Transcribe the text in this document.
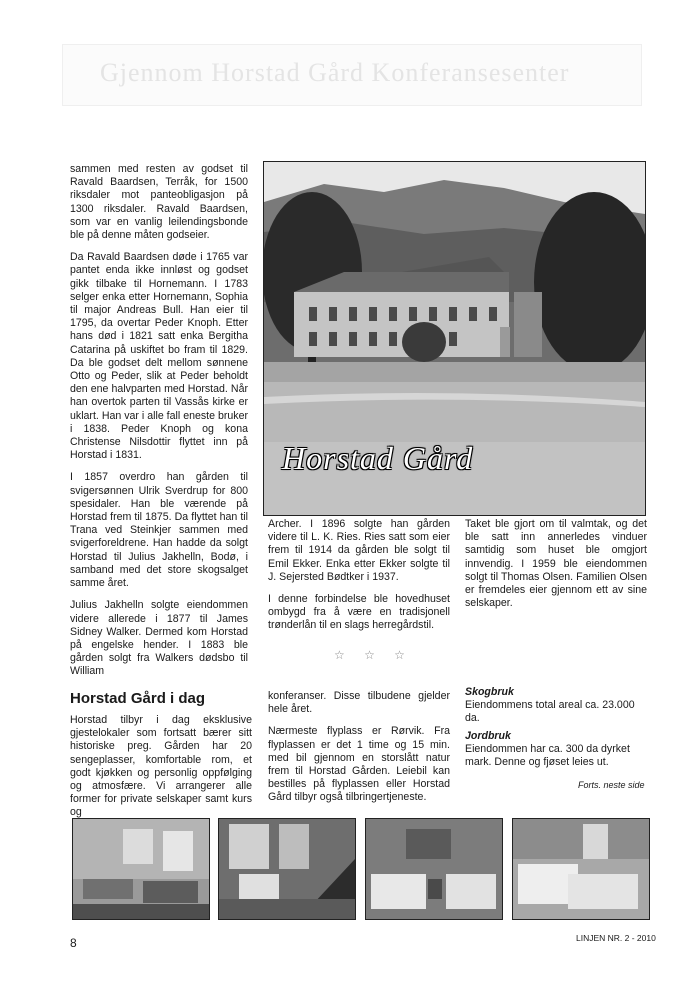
Gjennom Horstad Gård Konferansesenter

sammen med resten av godset til Ravald Baardsen, Terråk, for 1500 riksdaler mot panteobligasjon på 1300 riksdaler. Ravald Baardsen, som var en vanlig leilendingsbonde ble på denne måten godseier.

Da Ravald Baardsen døde i 1765 var pantet enda ikke innløst og godset gikk tilbake til Hornemann. I 1783 selger enka etter Hornemann, Sophia til major Andreas Bull. Han eier til 1795, da overtar Peder Knoph. Etter hans død i 1821 satt enka Bergitha Catarina på uskiftet bo fram til 1829. Da ble godset delt mellom sønnene Otto og Peder, slik at Peder beholdt den ene halvparten med Horstad. Når han overtok parten til Vassås kirke er uklart. Han var i alle fall eneste bruker i 1838. Peder Knoph og kona Christense Nilsdottir flyttet inn på Horstad i 1831.

I 1857 overdro han gården til svigersønnen Ulrik Sverdrup for 800 spesidaler. Han ble værende på Horstad frem til 1875. Da flyttet han til Trana ved Steinkjer sammen med svigerforeldrene. Han hadde da solgt Horstad til Julius Jakhelln, Bodø, i samband med det store skogsalget samme året.

Julius Jakhelln solgte eiendommen videre allerede i 1877 til James Sidney Walker. Dermed kom Horstad på engelske hender. I 1883 ble gården solgt fra Walkers dødsbo til William

Horstad Gård

Archer. I 1896 solgte han gården videre til L. K. Ries. Ries satt som eier frem til 1914 da gården ble solgt til Emil Ekker. Enka etter Ekker solgte til J. Sejersted Bødtker i 1937.

I denne forbindelse ble hovedhuset ombygd fra å være en tradisjonell trønderlån til en slags herregårdstil.

Taket ble gjort om til valmtak, og det ble satt inn annerledes vinduer samtidig som huset ble omgjort innvendig. I 1959 ble eiendommen solgt til Thomas Olsen. Familien Olsen er fremdeles eier gjennom ett av sine selskaper.

☆ ☆ ☆
Horstad Gård i dag

Horstad tilbyr i dag eksklusive gjestelokaler som fortsatt bærer sitt historiske preg. Gården har 20 sengeplasser, komfortable rom, et godt kjøkken og personlig oppfølging og atmosfære. Vi arrangerer alle former for private selskaper samt kurs og

konferanser. Disse tilbudene gjelder hele året.

Nærmeste flyplass er Rørvik. Fra flyplassen er det 1 time og 15 min. med bil gjennom en storslått natur frem til Horstad Gården. Leiebil kan bestilles på flyplassen eller Horstad Gård tilbyr også tilbringertjeneste.

Skogbruk

Eiendommens total areal ca. 23.000 da.

Jordbruk

Eiendommen har ca. 300 da dyrket mark. Denne og fjøset leies ut.

Forts. neste side
8	LINJEN NR. 2 - 2010
